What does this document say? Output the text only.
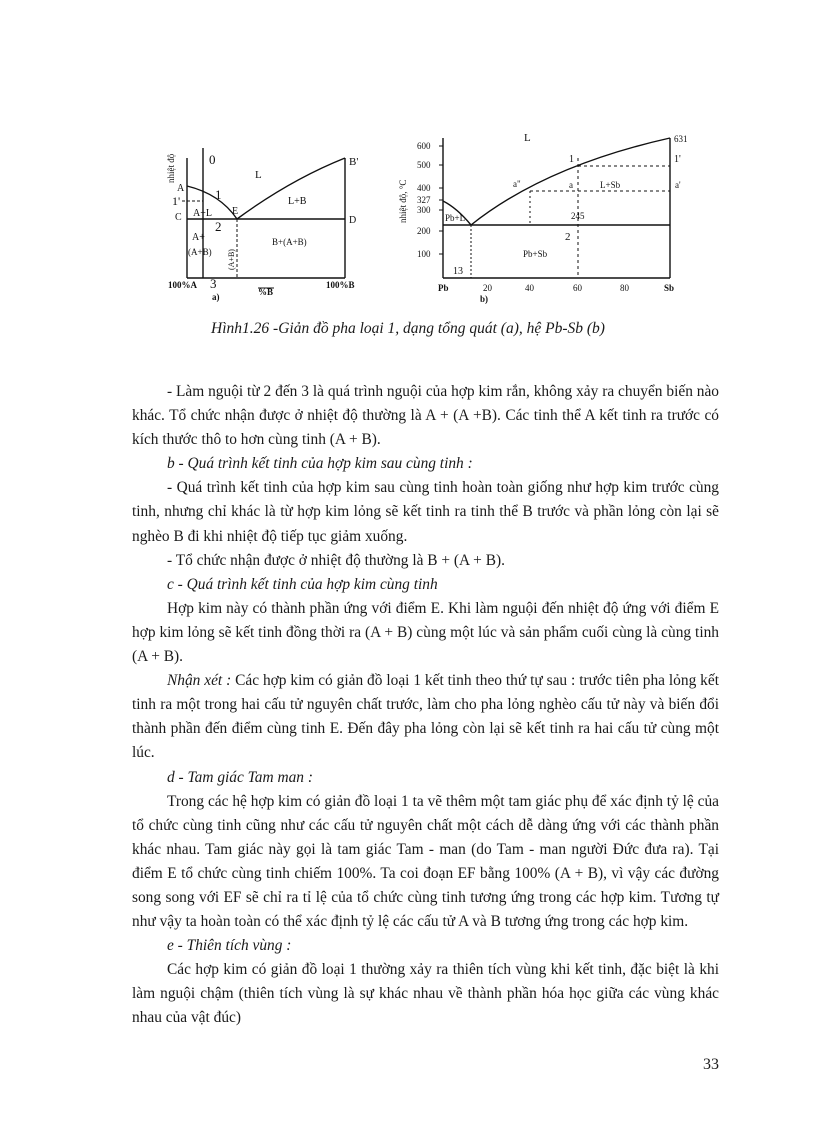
nhiệt độ	0	B'
A
1'
C
1
2
3
E
D
L
L+B
A+L
A+
(A+B) (A+B)
B+(A+B)
100%A	100%B
%B
a)
nhiệt độ, °C
600
500
400
327
300
200
100
L	631
1	1'
a"	a	a'
L+Sb
245
Pb+L
2
Pb+Sb
13
Pb	20	40	60	80	Sb
b)
Hình1.26 -Giản đồ pha loại 1, dạng tổng quát (a), hệ Pb-Sb (b)

- Làm nguội từ 2 đến 3 là quá trình nguội của hợp kim rắn, không xảy ra chuyển biến nào khác. Tổ chức nhận được ở nhiệt độ thường là A + (A +B). Các tinh thể A kết tinh ra trước có kích thước thô to hơn cùng tinh (A + B).

b - Quá trình kết tinh của hợp kim sau cùng tinh :

- Quá trình kết tinh của hợp kim sau cùng tinh hoàn toàn giống như hợp kim trước cùng tinh, nhưng chỉ khác là từ hợp kim lỏng sẽ kết tinh ra tinh thể B trước và phần lỏng còn lại sẽ nghèo B đi khi nhiệt độ tiếp tục giảm xuống.

- Tổ chức nhận được ở nhiệt độ thường là B + (A + B).

c - Quá trình kết tinh của hợp kim cùng tinh

Hợp kim này có thành phần ứng với điểm E. Khi làm nguội đến nhiệt độ ứng với điểm E hợp kim lỏng sẽ kết tinh đồng thời ra (A + B) cùng một lúc và sản phẩm cuối cùng là cùng tinh (A + B).

Nhận xét : Các hợp kim có giản đồ loại 1 kết tinh theo thứ tự sau : trước tiên pha lỏng kết tinh ra một trong hai cấu tử nguyên chất trước, làm cho pha lỏng nghèo cấu tử này và biến đổi thành phần đến điểm cùng tinh E. Đến đây pha lỏng còn lại sẽ kết tinh ra hai cấu tử cùng một lúc.

d - Tam giác Tam man :

Trong các hệ hợp kim có giản đồ loại 1 ta vẽ thêm một tam giác phụ để xác định tỷ lệ của tổ chức cùng tinh cũng như các cấu tử nguyên chất một cách dễ dàng ứng với các thành phần khác nhau. Tam giác này gọi là tam giác Tam - man (do Tam - man người Đức đưa ra). Tại điểm E tổ chức cùng tinh chiếm 100%. Ta coi đoạn EF bằng 100% (A + B), vì vậy các đường song song với EF sẽ chỉ ra tỉ lệ của tổ chức cùng tinh tương ứng trong các hợp kim. Tương tự như vậy ta hoàn toàn có thể xác định tỷ lệ các cấu tử A và B tương ứng trong các hợp kim.

e - Thiên tích vùng :

Các hợp kim có giản đồ loại 1 thường xảy ra thiên tích vùng khi kết tinh, đặc biệt là khi làm nguội chậm (thiên tích vùng là sự khác nhau về thành phần hóa học giữa các vùng khác nhau của vật đúc)

33
